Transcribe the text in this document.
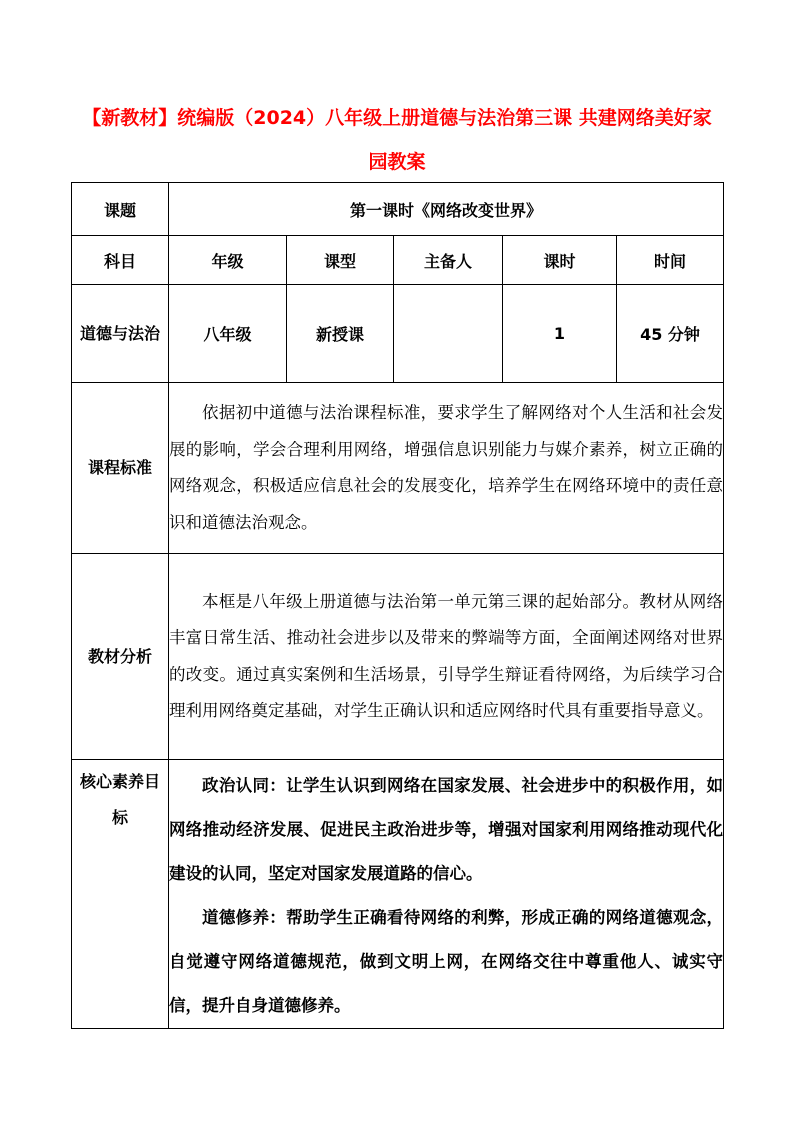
【新教材】统编版（2024）八年级上册道德与法治第三课 共建网络美好家园教案
课题	第一课时《网络改变世界》				
科目	年级	课型	主备人	课时	时间
道德与法治	八年级	新授课		1	45 分钟
课程标准	依据初中道德与法治课程标准，要求学生了解网络对个人生活和社会发展的影响，学会合理利用网络，增强信息识别能力与媒介素养，树立正确的网络观念，积极适应信息社会的发展变化，培养学生在网络环境中的责任意识和道德法治观念。				

教材分析	本框是八年级上册道德与法治第一单元第三课的起始部分。教材从网络丰富日常生活、推动社会进步以及带来的弊端等方面，全面阐述网络对世界的改变。通过真实案例和生活场景，引导学生辩证看待网络，为后续学习合理利用网络奠定基础，对学生正确认识和适应网络时代具有重要指导意义。				

核心素养目标	政治认同：让学生认识到网络在国家发展、社会进步中的积极作用，如网络推动经济发展、促进民主政治进步等，增强对国家利用网络推动现代化建设的认同，坚定对国家发展道路的信心。

道德修养：帮助学生正确看待网络的利弊，形成正确的网络道德观念，自觉遵守网络道德规范，做到文明上网，在网络交往中尊重他人、诚实守信，提升自身道德修养。				
